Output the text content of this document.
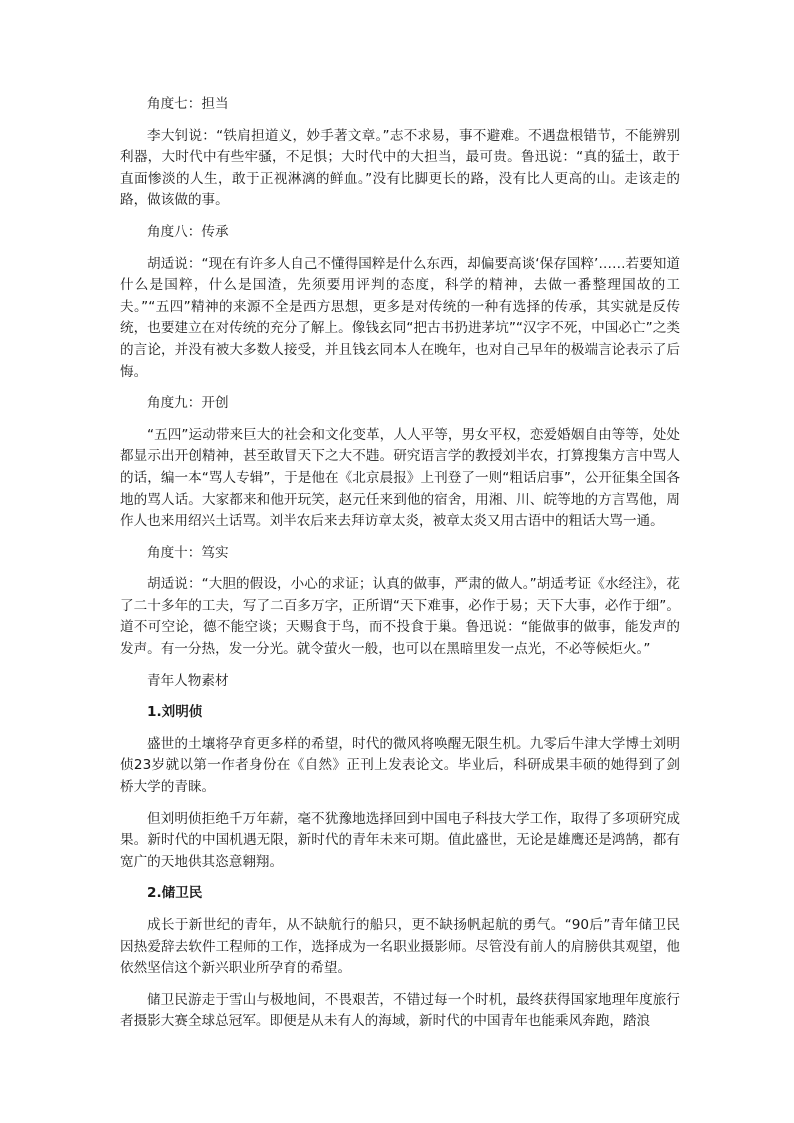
角度七：担当

李大钊说：“铁肩担道义，妙手著文章。”志不求易，事不避难。不遇盘根错节，不能辨别利器，大时代中有些牢骚，不足惧；大时代中的大担当，最可贵。鲁迅说：“真的猛士，敢于直面惨淡的人生，敢于正视淋漓的鲜血。”没有比脚更长的路，没有比人更高的山。走该走的路，做该做的事。

角度八：传承

胡适说：“现在有许多人自己不懂得国粹是什么东西，却偏要高谈‘保存国粹’……若要知道什么是国粹，什么是国渣，先须要用评判的态度，科学的精神，去做一番整理国故的工夫。”“五四”精神的来源不全是西方思想，更多是对传统的一种有选择的传承，其实就是反传统，也要建立在对传统的充分了解上。像钱玄同“把古书扔进茅坑”“汉字不死，中国必亡”之类的言论，并没有被大多数人接受，并且钱玄同本人在晚年，也对自己早年的极端言论表示了后悔。

角度九：开创

“五四”运动带来巨大的社会和文化变革，人人平等，男女平权，恋爱婚姻自由等等，处处都显示出开创精神，甚至敢冒天下之大不韪。研究语言学的教授刘半农，打算搜集方言中骂人的话，编一本“骂人专辑”，于是他在《北京晨报》上刊登了一则“粗话启事”，公开征集全国各地的骂人话。大家都来和他开玩笑，赵元任来到他的宿舍，用湘、川、皖等地的方言骂他，周作人也来用绍兴土话骂。刘半农后来去拜访章太炎，被章太炎又用古语中的粗话大骂一通。

角度十：笃实

胡适说：“大胆的假设，小心的求证；认真的做事，严肃的做人。”胡适考证《水经注》，花了二十多年的工夫，写了二百多万字，正所谓“天下难事，必作于易；天下大事，必作于细”。道不可空论，德不能空谈；天赐食于鸟，而不投食于巢。鲁迅说：“能做事的做事，能发声的发声。有一分热，发一分光。就令萤火一般，也可以在黑暗里发一点光，不必等候炬火。”

青年人物素材

1.刘明侦

盛世的土壤将孕育更多样的希望，时代的微风将唤醒无限生机。九零后牛津大学博士刘明侦23岁就以第一作者身份在《自然》正刊上发表论文。毕业后，科研成果丰硕的她得到了剑桥大学的青睐。

但刘明侦拒绝千万年薪，毫不犹豫地选择回到中国电子科技大学工作，取得了多项研究成果。新时代的中国机遇无限，新时代的青年未来可期。值此盛世，无论是雄鹰还是鸿鹄，都有宽广的天地供其恣意翱翔。

2.储卫民

成长于新世纪的青年，从不缺航行的船只，更不缺扬帆起航的勇气。“90后”青年储卫民因热爱辞去软件工程师的工作，选择成为一名职业摄影师。尽管没有前人的肩膀供其观望，他依然坚信这个新兴职业所孕育的希望。

储卫民游走于雪山与极地间，不畏艰苦，不错过每一个时机，最终获得国家地理年度旅行者摄影大赛全球总冠军。即便是从未有人的海域，新时代的中国青年也能乘风奔跑，踏浪
